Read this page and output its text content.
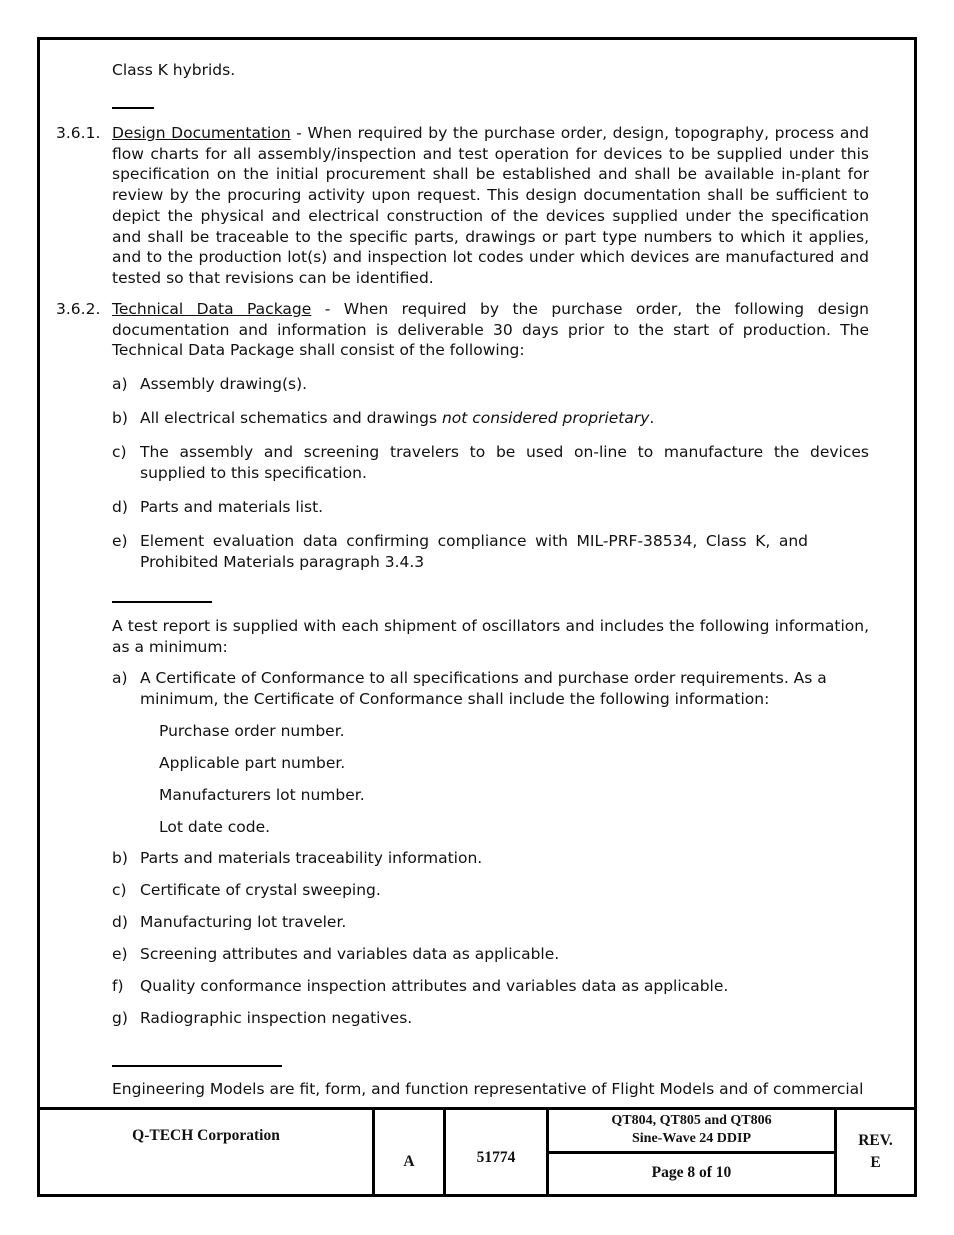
Class K hybrids.
3.6.1. Design Documentation - When required by the purchase order, design, topography, process and flow charts for all assembly/inspection and test operation for devices to be supplied under this specification on the initial procurement shall be established and shall be available in-plant for review by the procuring activity upon request. This design documentation shall be sufficient to depict the physical and electrical construction of the devices supplied under the specification and shall be traceable to the specific parts, drawings or part type numbers to which it applies, and to the production lot(s) and inspection lot codes under which devices are manufactured and tested so that revisions can be identified.
3.6.2. Technical Data Package - When required by the purchase order, the following design documentation and information is deliverable 30 days prior to the start of production. The Technical Data Package shall consist of the following:
a) Assembly drawing(s).
b) All electrical schematics and drawings not considered proprietary.
c) The assembly and screening travelers to be used on-line to manufacture the devices supplied to this specification.
d) Parts and materials list.
e) Element evaluation data confirming compliance with MIL-PRF-38534, Class K, and Prohibited Materials paragraph 3.4.3
A test report is supplied with each shipment of oscillators and includes the following information, as a minimum:
a) A Certificate of Conformance to all specifications and purchase order requirements. As a minimum, the Certificate of Conformance shall include the following information:
Purchase order number.
Applicable part number.
Manufacturers lot number.
Lot date code.
b) Parts and materials traceability information.
c) Certificate of crystal sweeping.
d) Manufacturing lot traveler.
e) Screening attributes and variables data as applicable.
f) Quality conformance inspection attributes and variables data as applicable.
g) Radiographic inspection negatives.
Engineering Models are fit, form, and function representative of Flight Models and of commercial
Q-TECH Corporation
A	51774
QT804, QT805 and QT806
Sine-Wave 24 DDIP
Page 8 of 10
REV.
E
